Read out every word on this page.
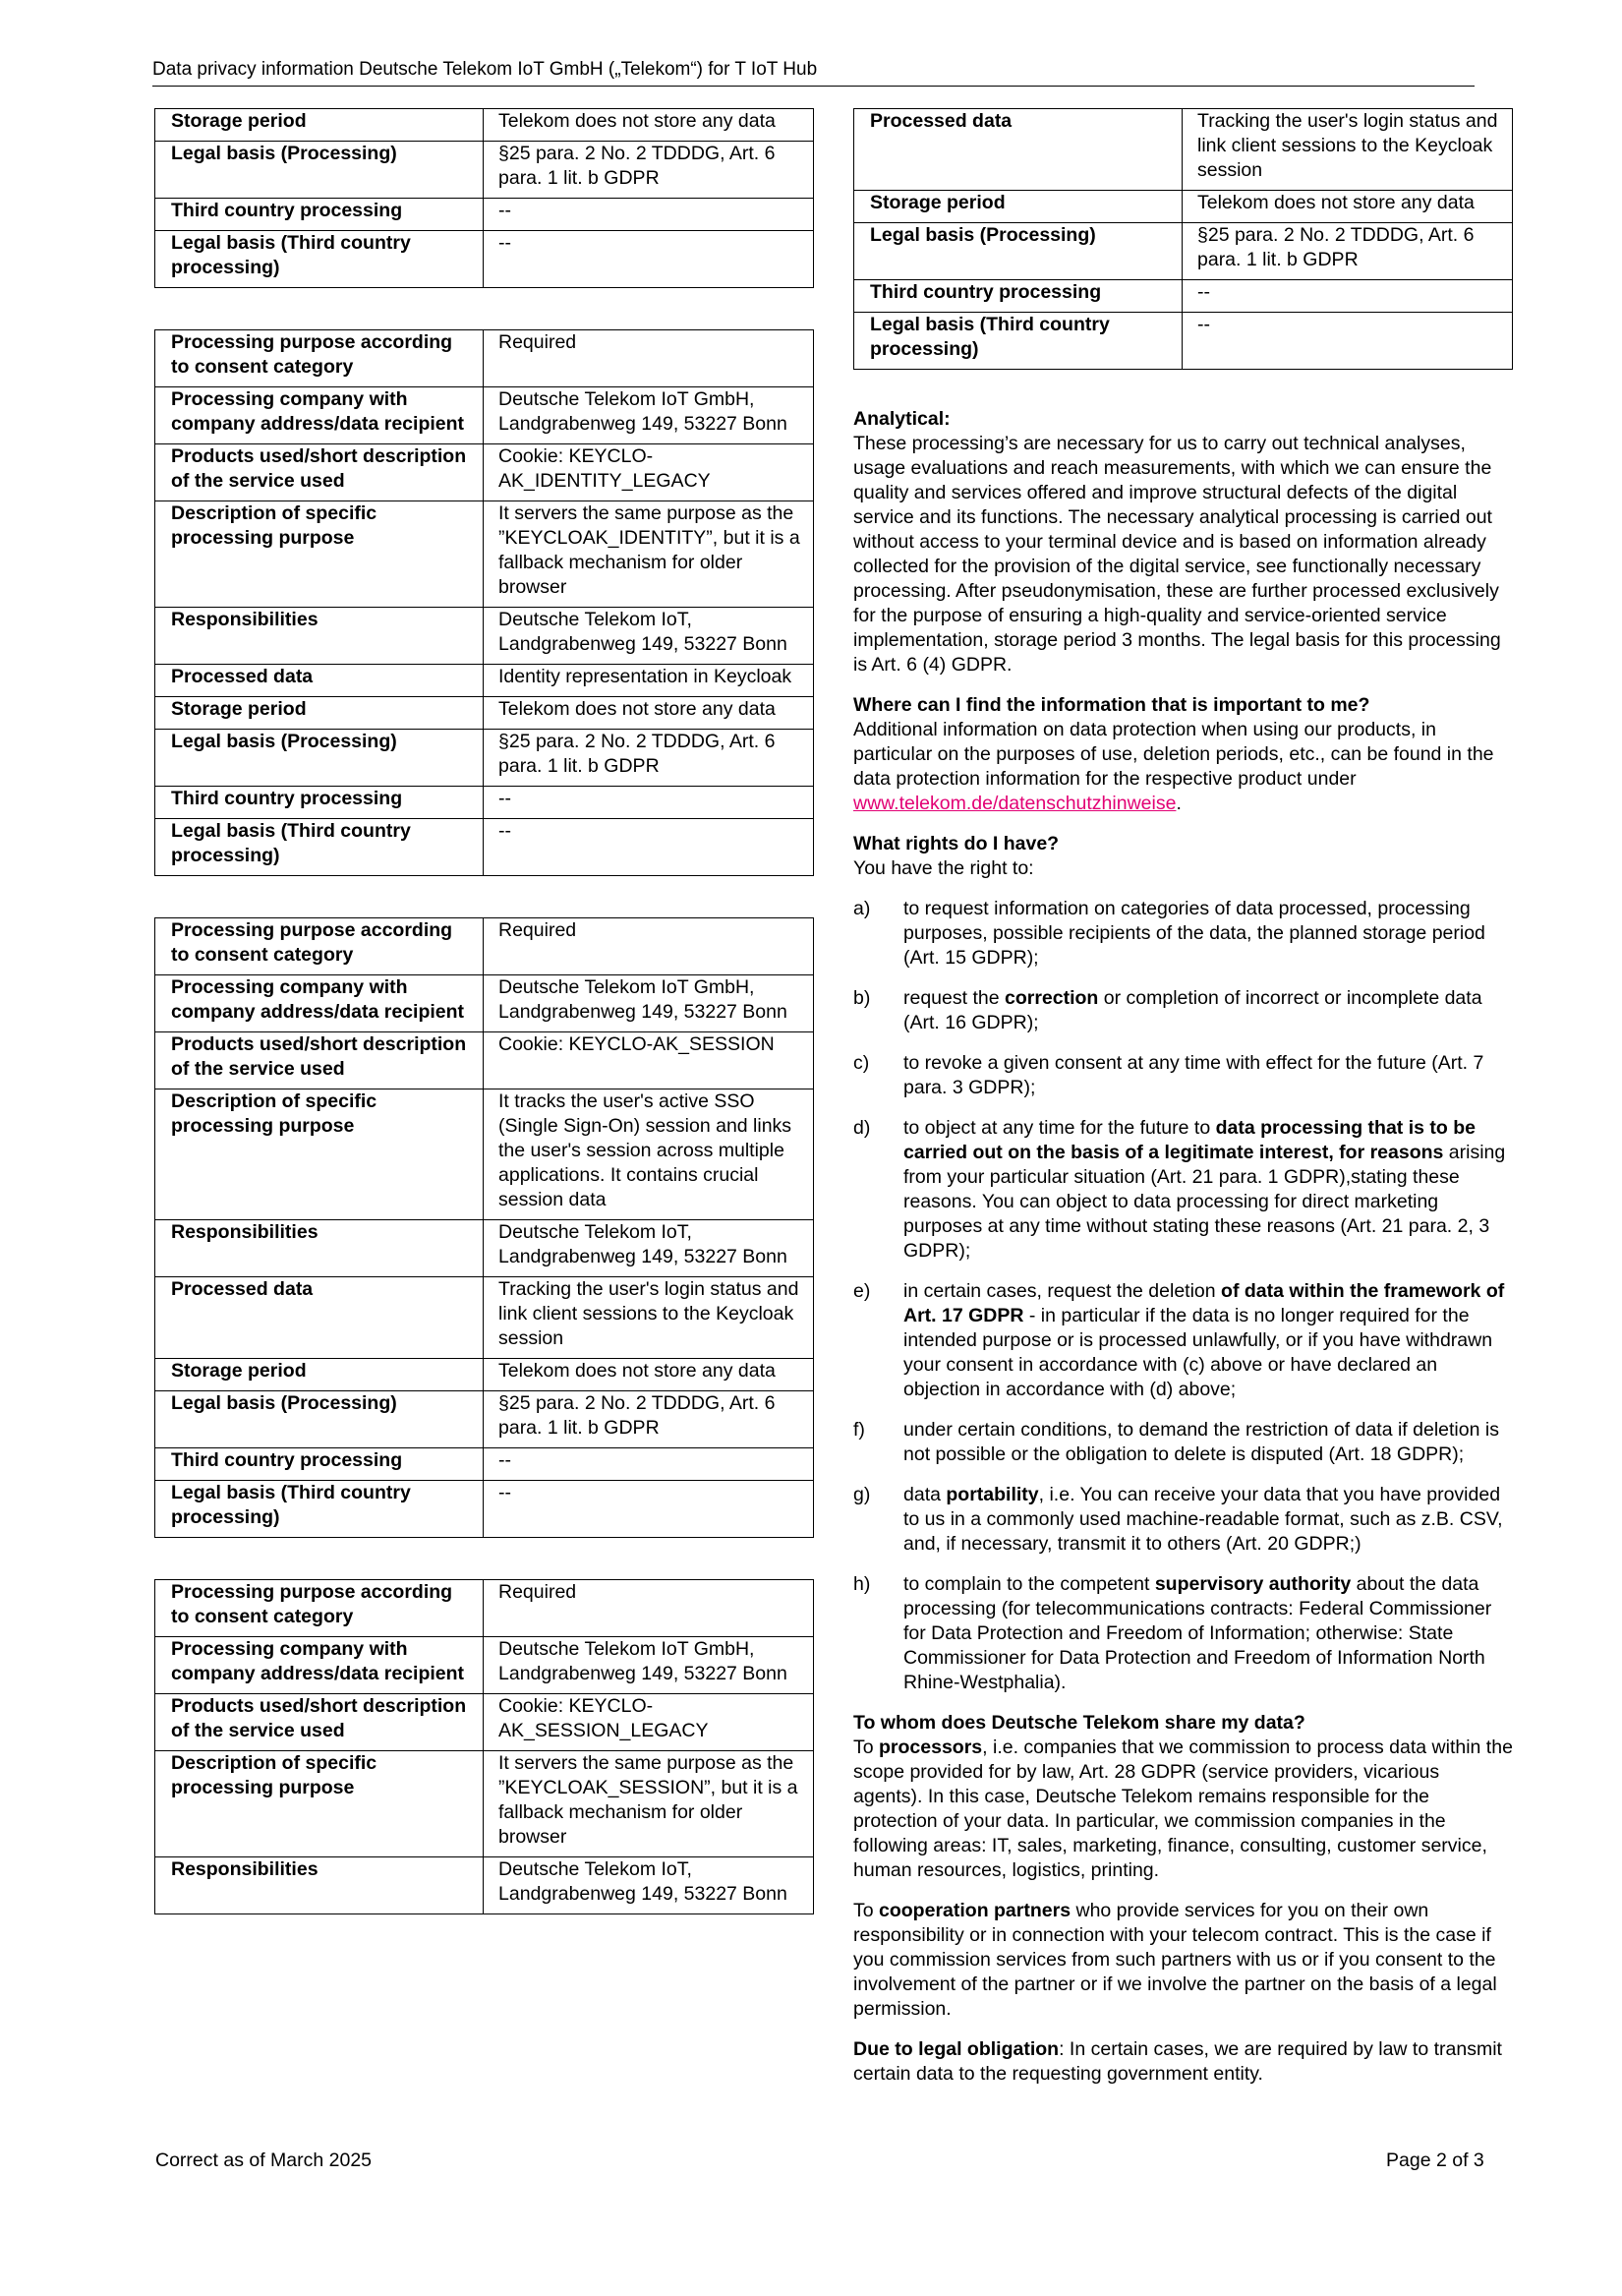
Data privacy information Deutsche Telekom IoT GmbH („Telekom“) for T IoT Hub
Storage period	Telekom does not store any data
Legal basis (Processing)	§25 para. 2 No. 2 TDDDG, Art. 6 para. 1 lit. b GDPR
Third country processing	--
Legal basis (Third country processing)	--
Processing purpose according to consent category	Required
Processing company with company address/data recipient	Deutsche Telekom IoT GmbH, Landgrabenweg 149, 53227 Bonn
Products used/short description of the service used	Cookie: KEYCLO-AK_IDENTITY_LEGACY
Description of specific processing purpose	It servers the same purpose as the ”KEYCLOAK_IDENTITY”, but it is a fallback mechanism for older browser
Responsibilities	Deutsche Telekom IoT, Landgrabenweg 149, 53227 Bonn
Processed data	Identity representation in Keycloak
Storage period	Telekom does not store any data
Legal basis (Processing)	§25 para. 2 No. 2 TDDDG, Art. 6 para. 1 lit. b GDPR
Third country processing	--
Legal basis (Third country processing)	--
Processing purpose according to consent category	Required
Processing company with company address/data recipient	Deutsche Telekom IoT GmbH, Landgrabenweg 149, 53227 Bonn
Products used/short description of the service used	Cookie: KEYCLO-AK_SESSION
Description of specific processing purpose	It tracks the user's active SSO (Single Sign-On) session and links the user's session across multiple applications. It contains crucial session data
Responsibilities	Deutsche Telekom IoT, Landgrabenweg 149, 53227 Bonn
Processed data	Tracking the user's login status and link client sessions to the Keycloak session
Storage period	Telekom does not store any data
Legal basis (Processing)	§25 para. 2 No. 2 TDDDG, Art. 6 para. 1 lit. b GDPR
Third country processing	--
Legal basis (Third country processing)	--
Processing purpose according to consent category	Required
Processing company with company address/data recipient	Deutsche Telekom IoT GmbH, Landgrabenweg 149, 53227 Bonn
Products used/short description of the service used	Cookie: KEYCLO-AK_SESSION_LEGACY
Description of specific processing purpose	It servers the same purpose as the ”KEYCLOAK_SESSION”, but it is a fallback mechanism for older browser
Responsibilities	Deutsche Telekom IoT, Landgrabenweg 149, 53227 Bonn
Processed data	Tracking the user's login status and link client sessions to the Keycloak session
Storage period	Telekom does not store any data
Legal basis (Processing)	§25 para. 2 No. 2 TDDDG, Art. 6 para. 1 lit. b GDPR
Third country processing	--
Legal basis (Third country processing)	--
Analytical:

These processing’s are necessary for us to carry out technical analyses, usage evaluations and reach measurements, with which we can ensure the quality and services offered and improve structural defects of the digital service and its functions. The necessary analytical processing is carried out without access to your terminal device and is based on information already collected for the provision of the digital service, see functionally necessary processing. After pseudonymisation, these are further processed exclusively for the purpose of ensuring a high-quality and service-oriented service implementation, storage period 3 months. The legal basis for this processing is Art. 6 (4) GDPR.

Where can I find the information that is important to me?

Additional information on data protection when using our products, in particular on the purposes of use, deletion periods, etc., can be found in the data protection information for the respective product under www.telekom.de/datenschutzhinweise.

What rights do I have?

You have the right to:

a) to request information on categories of data processed, processing purposes, possible recipients of the data, the planned storage period (Art. 15 GDPR);
b) request the correction or completion of incorrect or incomplete data (Art. 16 GDPR);
c) to revoke a given consent at any time with effect for the future (Art. 7 para. 3 GDPR);
d) to object at any time for the future to data processing that is to be carried out on the basis of a legitimate interest, for reasons arising from your particular situation (Art. 21 para. 1 GDPR),stating these reasons. You can object to data processing for direct marketing purposes at any time without stating these reasons (Art. 21 para. 2, 3 GDPR);
e) in certain cases, request the deletion of data within the framework of Art. 17 GDPR - in particular if the data is no longer required for the intended purpose or is processed unlawfully, or if you have withdrawn your consent in accordance with (c) above or have declared an objection in accordance with (d) above;
f) under certain conditions, to demand the restriction of data if deletion is not possible or the obligation to delete is disputed (Art. 18 GDPR);
g) data portability, i.e. You can receive your data that you have provided to us in a commonly used machine-readable format, such as z.B. CSV, and, if necessary, transmit it to others (Art. 20 GDPR;)
h) to complain to the competent supervisory authority about the data processing (for telecommunications contracts: Federal Commissioner for Data Protection and Freedom of Information; otherwise: State Commissioner for Data Protection and Freedom of Information North Rhine-Westphalia).
To whom does Deutsche Telekom share my data?

To processors, i.e. companies that we commission to process data within the scope provided for by law, Art. 28 GDPR (service providers, vicarious agents). In this case, Deutsche Telekom remains responsible for the protection of your data. In particular, we commission companies in the following areas: IT, sales, marketing, finance, consulting, customer service, human resources, logistics, printing.

To cooperation partners who provide services for you on their own responsibility or in connection with your telecom contract. This is the case if you commission services from such partners with us or if you consent to the involvement of the partner or if we involve the partner on the basis of a legal permission.

Due to legal obligation: In certain cases, we are required by law to transmit certain data to the requesting government entity.

Correct as of March 2025	Page 2 of 3
